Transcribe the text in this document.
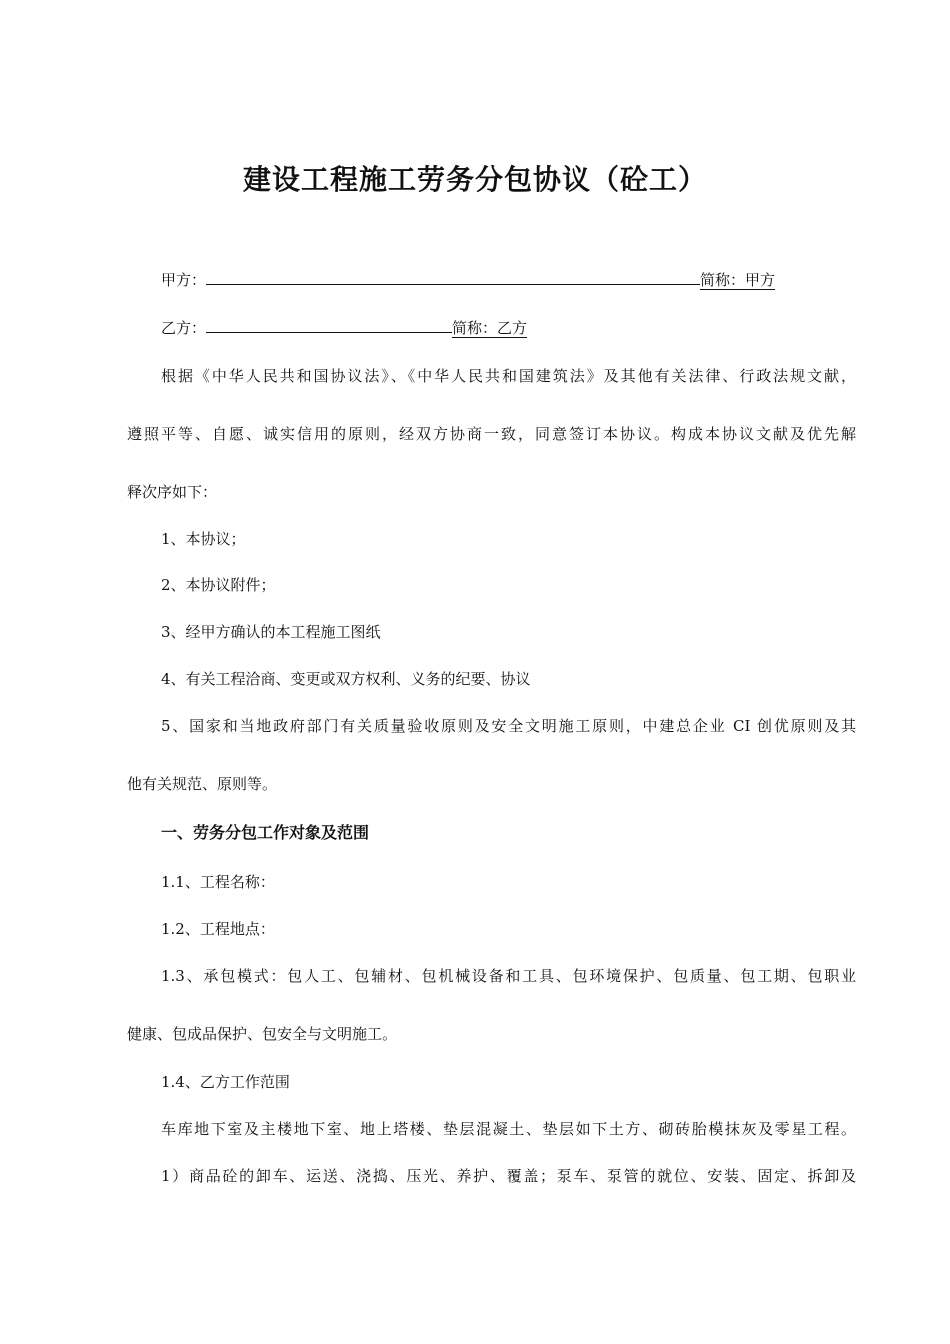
建设工程施工劳务分包协议（砼工）
甲方：	简称：甲方
乙方：	简称：乙方
根据《中华人民共和国协议法》、《中华人民共和国建筑法》及其他有关法律、行政法规文献，
遵照平等、自愿、诚实信用的原则，经双方协商一致，同意签订本协议。构成本协议文献及优先解
释次序如下：
1、本协议；
2、本协议附件；
3、经甲方确认的本工程施工图纸
4、有关工程洽商、变更或双方权利、义务的纪要、协议
5、国家和当地政府部门有关质量验收原则及安全文明施工原则，中建总企业 CI 创优原则及其
他有关规范、原则等。
一、劳务分包工作对象及范围
1.1、工程名称：
1.2、工程地点：
1.3、承包模式：包人工、包辅材、包机械设备和工具、包环境保护、包质量、包工期、包职业
健康、包成品保护、包安全与文明施工。
1.4、乙方工作范围
车库地下室及主楼地下室、地上塔楼、垫层混凝土、垫层如下土方、砌砖胎模抹灰及零星工程。
1）商品砼的卸车、运送、浇捣、压光、养护、覆盖；泵车、泵管的就位、安装、固定、拆卸及
